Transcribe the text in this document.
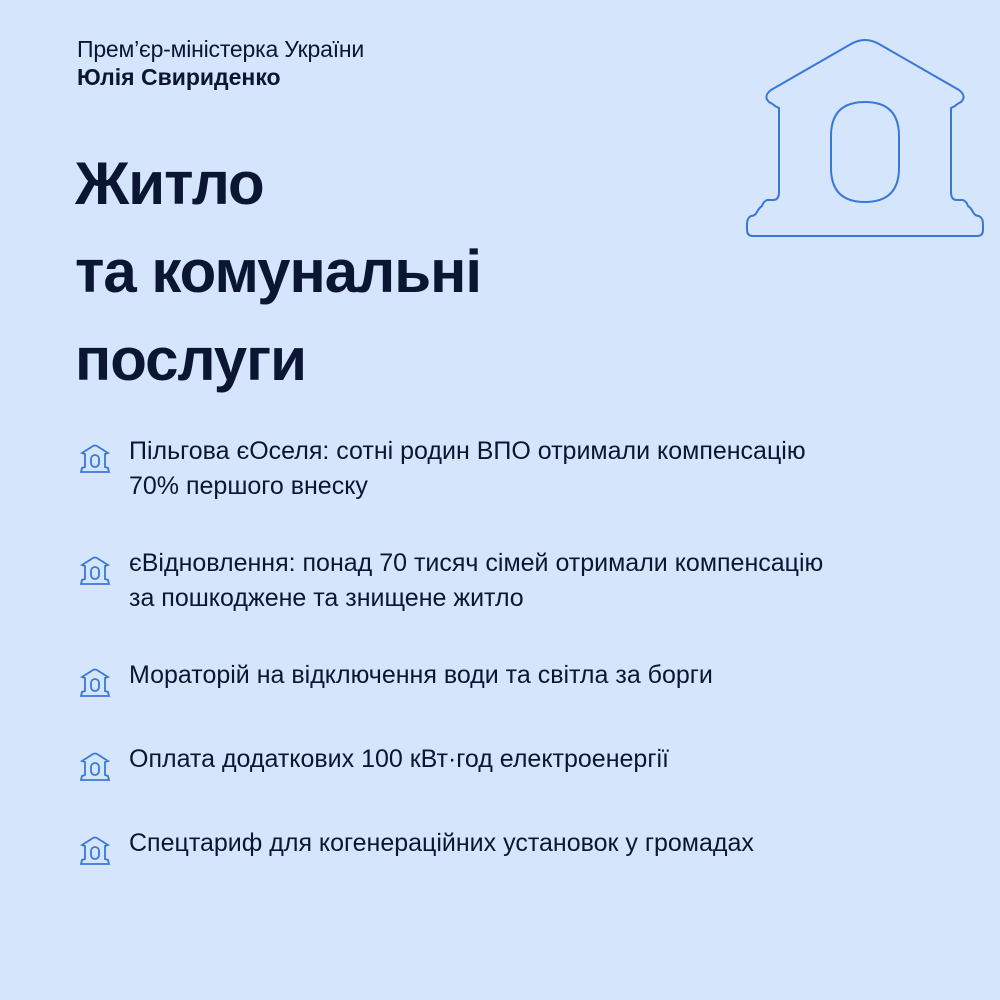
Прем’єр-міністерка України
Юлія Свириденко
Житло
та комунальні
послуги
Пільгова єОселя: сотні родин ВПО отримали компенсацію
70% першого внеску
єВідновлення: понад 70 тисяч сімей отримали компенсацію
за пошкоджене та знищене житло
Мораторій на відключення води та світла за борги
Оплата додаткових 100 кВт·год електроенергії
Спецтариф для когенераційних установок у громадах
